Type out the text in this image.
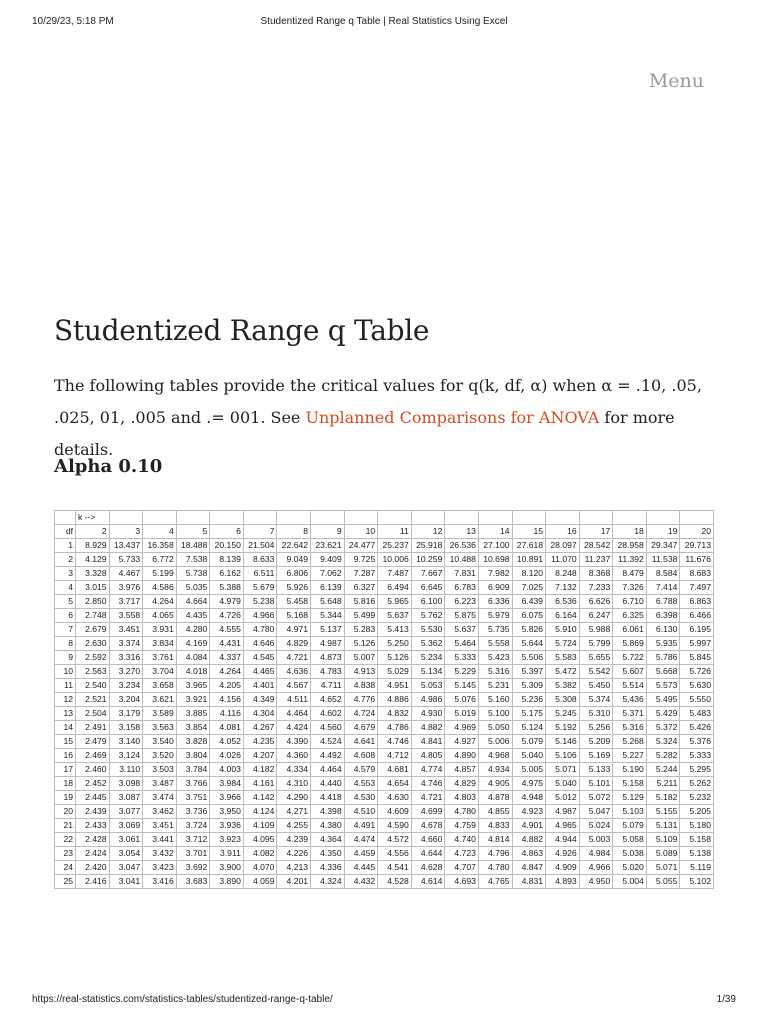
10/29/23, 5:18 PM	Studentized Range q Table | Real Statistics Using Excel
Menu
Studentized Range q Table

The following tables provide the critical values for q(k, df, α) when α = .10, .05, .025, 01, .005 and .= 001. See Unplanned Comparisons for ANOVA for more details.

Alpha 0.10
	k -->																		
df	2	3	4	5	6	7	8	9	10	11	12	13	14	15	16	17	18	19	20
1	8.929	13.437	16.358	18.488	20.150	21.504	22.642	23.621	24.477	25.237	25.918	26.536	27.100	27.618	28.097	28.542	28.958	29.347	29.713
2	4.129	5.733	6.772	7.538	8.139	8.633	9.049	9.409	9.725	10.006	10.259	10.488	10.698	10.891	11.070	11.237	11.392	11.538	11.676
3	3.328	4.467	5.199	5.738	6.162	6.511	6.806	7.062	7.287	7.487	7.667	7.831	7.982	8.120	8.248	8.368	8.479	8.584	8.683
4	3.015	3.976	4.586	5.035	5.388	5.679	5.926	6.139	6.327	6.494	6.645	6.783	6.909	7.025	7.132	7.233	7.326	7.414	7.497
5	2.850	3.717	4.264	4.664	4.979	5.238	5.458	5.648	5.816	5.965	6.100	6.223	6.336	6.439	6.536	6.626	6.710	6.788	6.863
6	2.748	3.558	4.065	4.435	4.726	4.966	5.168	5.344	5.499	5.637	5.762	5.875	5.979	6.075	6.164	6.247	6.325	6.398	6.466
7	2.679	3.451	3.931	4.280	4.555	4.780	4.971	5.137	5.283	5.413	5.530	5.637	5.735	5.826	5.910	5.988	6.061	6.130	6.195
8	2.630	3.374	3.834	4.169	4.431	4.646	4.829	4.987	5.126	5.250	5.362	5.464	5.558	5.644	5.724	5.799	5.869	5.935	5.997
9	2.592	3.316	3.761	4.084	4.337	4.545	4.721	4.873	5.007	5.126	5.234	5.333	5.423	5.506	5.583	5.655	5.722	5.786	5.845
10	2.563	3.270	3.704	4.018	4.264	4.465	4.636	4.783	4.913	5.029	5.134	5.229	5.316	5.397	5.472	5.542	5.607	5.668	5.726
11	2.540	3.234	3.658	3.965	4.205	4.401	4.567	4.711	4.838	4.951	5.053	5.145	5.231	5.309	5.382	5.450	5.514	5.573	5.630
12	2.521	3.204	3.621	3.921	4.156	4.349	4.511	4.652	4.776	4.886	4.986	5.076	5.160	5.236	5.308	5.374	5.436	5.495	5.550
13	2.504	3.179	3.589	3.885	4.116	4.304	4.464	4.602	4.724	4.832	4.930	5.019	5.100	5.175	5.245	5.310	5.371	5.429	5.483
14	2.491	3.158	3.563	3.854	4.081	4.267	4.424	4.560	4.679	4.786	4.882	4.969	5.050	5.124	5.192	5.256	5.316	5.372	5.426
15	2.479	3.140	3.540	3.828	4.052	4.235	4.390	4.524	4.641	4.746	4.841	4.927	5.006	5.079	5.146	5.209	5.268	5.324	5.376
16	2.469	3.124	3.520	3.804	4.026	4.207	4.360	4.492	4.608	4.712	4.805	4.890	4.968	5.040	5.106	5.169	5.227	5.282	5.333
17	2.460	3.110	3.503	3.784	4.003	4.182	4.334	4.464	4.579	4.681	4.774	4.857	4.934	5.005	5.071	5.133	5.190	5.244	5.295
18	2.452	3.098	3.487	3.766	3.984	4.161	4.310	4.440	4.553	4.654	4.746	4.829	4.905	4.975	5.040	5.101	5.158	5.211	5.262
19	2.445	3.087	3.474	3.751	3.966	4.142	4.290	4.418	4.530	4.630	4.721	4.803	4.878	4.948	5.012	5.072	5.129	5.182	5.232
20	2.439	3.077	3.462	3.736	3.950	4.124	4.271	4.398	4.510	4.609	4.699	4.780	4.855	4.923	4.987	5.047	5.103	5.155	5.205
21	2.433	3.069	3.451	3.724	3.936	4.109	4.255	4.380	4.491	4.590	4.678	4.759	4.833	4.901	4.965	5.024	5.079	5.131	5.180
22	2.428	3.061	3.441	3.712	3.923	4.095	4.239	4.364	4.474	4.572	4.660	4.740	4.814	4.882	4.944	5.003	5.058	5.109	5.158
23	2.424	3.054	3.432	3.701	3.911	4.082	4.226	4.350	4.459	4.556	4.644	4.723	4.796	4.863	4.926	4.984	5.038	5.089	5.138
24	2.420	3.047	3.423	3.692	3.900	4.070	4.213	4.336	4.445	4.541	4.628	4.707	4.780	4.847	4.909	4.966	5.020	5.071	5.119
25	2.416	3.041	3.416	3.683	3.890	4.059	4.201	4.324	4.432	4.528	4.614	4.693	4.765	4.831	4.893	4.950	5.004	5.055	5.102
https://real-statistics.com/statistics-tables/studentized-range-q-table/	1/39
